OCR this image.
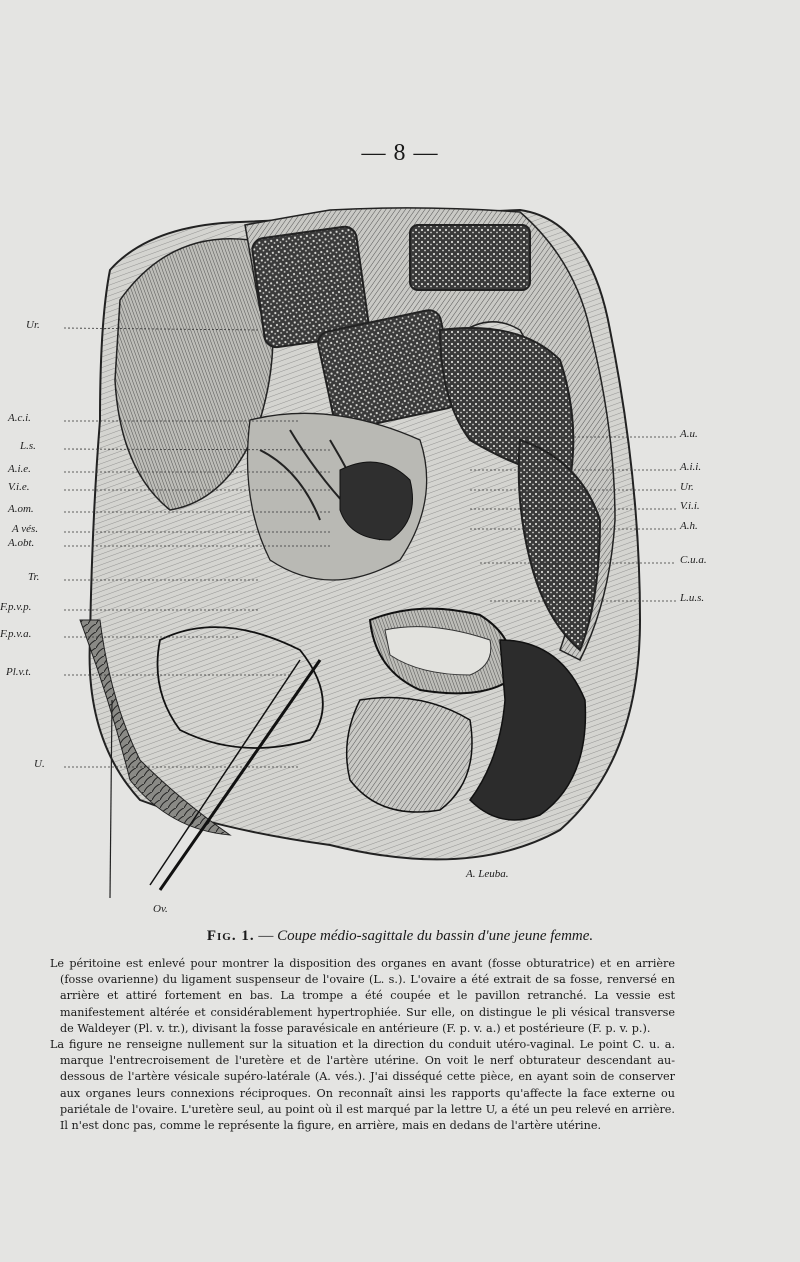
— 8 —
Ur.
A.c.i.
L.s.
A.i.e.
V.i.e.
A.om.
A vés.
A.obt.
Tr.
F.p.v.p.
F.p.v.a.
Pl.v.t.
U.
A.u.
A.i.i.
Ur.
V.i.i.
A.h.
C.u.a.
L.u.s.
Ov.
A. Leuba.
Fig. 1. — Coupe médio-sagittale du bassin d'une jeune femme.

Le péritoine est enlevé pour montrer la disposition des organes en avant (fosse obturatrice) et en arrière (fosse ovarienne) du ligament suspenseur de l'ovaire (L. s.). L'ovaire a été extrait de sa fosse, renversé en arrière et attiré fortement en bas. La trompe a été coupée et le pavillon retranché. La vessie est manifestement altérée et considérablement hypertrophiée. Sur elle, on distingue le pli vésical transverse de Waldeyer (Pl. v. tr.), divisant la fosse paravésicale en antérieure (F. p. v. a.) et postérieure (F. p. v. p.).

La figure ne renseigne nullement sur la situation et la direction du conduit utéro-vaginal. Le point C. u. a. marque l'entrecroisement de l'uretère et de l'artère utérine. On voit le nerf obturateur descendant au-dessous de l'artère vésicale supéro-latérale (A. vés.). J'ai disséqué cette pièce, en ayant soin de conserver aux organes leurs connexions réciproques. On reconnaît ainsi les rapports qu'affecte la face externe ou pariétale de l'ovaire. L'uretère seul, au point où il est marqué par la lettre U, a été un peu relevé en arrière. Il n'est donc pas, comme le représente la figure, en arrière, mais en dedans de l'artère utérine.
